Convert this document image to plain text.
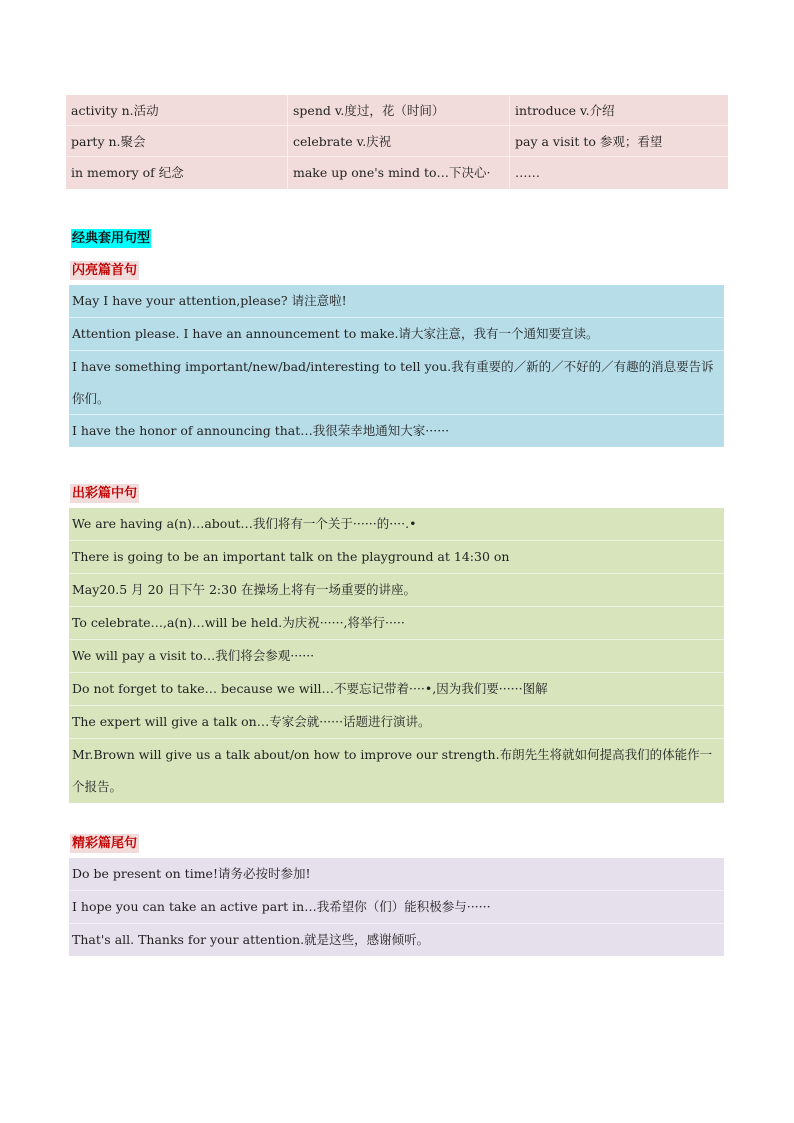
activity n.活动	spend v.度过，花（时间）	introduce v.介绍
party n.聚会	celebrate v.庆祝	pay a visit to 参观；看望
in memory of 纪念	make up one's mind to…下决心·	……
经典套用句型
闪亮篇首句
May I have your attention,please? 请注意啦!
Attention please. I have an announcement to make.请大家注意，我有一个通知要宣读。
I have something important/new/bad/interesting to tell you.我有重要的／新的／不好的／有趣的消息要告诉你们。
I have the honor of announcing that…我很荣幸地通知大家······
出彩篇中句
We are having a(n)…about…我们将有一个关于······的····.•
There is going to be an important talk on the playground at 14:30 on
May20.5 月 20 日下午 2:30 在操场上将有一场重要的讲座。
To celebrate…,a(n)…will be held.为庆祝······,将举行·····
We will pay a visit to…我们将会参观······
Do not forget to take… because we will…不要忘记带着····•,因为我们要······图解
The expert will give a talk on…专家会就······话题进行演讲。
Mr.Brown will give us a talk about/on how to improve our strength.布朗先生将就如何提高我们的体能作一个报告。
精彩篇尾句
Do be present on time!请务必按时参加!
I hope you can take an active part in…我希望你（们）能积极参与······
That's all. Thanks for your attention.就是这些，感谢倾听。
